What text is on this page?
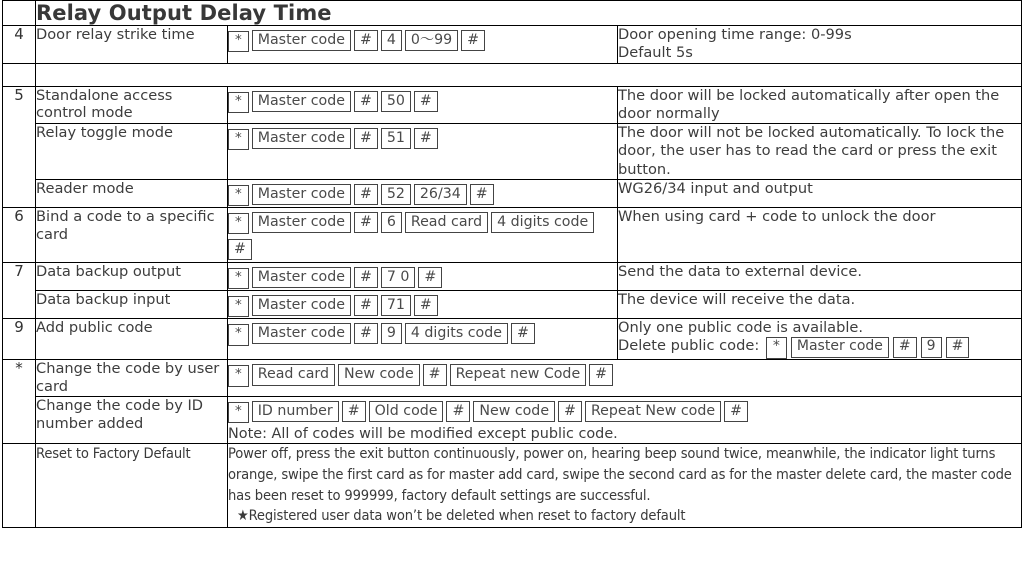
	Relay Output Delay Time		
4	Door relay strike time	* Master code # 4 0～99 #	Door opening time range: 0-99s
Default 5s

5	Standalone access control mode	* Master code # 50 #	The door will be locked automatically after open the door normally
	Relay toggle mode	* Master code # 51 #	The door will not be locked automatically. To lock the door, the user has to read the card or press the exit button.
	Reader mode	* Master code # 52 26/34 #	WG26/34 input and output
6	Bind a code to a specific card	* Master code # 6 Read card 4 digits code#	When using card + code to unlock the door
7	Data backup output	* Master code # 7 0 #	Send the data to external device.
	Data backup input	* Master code # 71 #	The device will receive the data.
9	Add public code	* Master code # 9 4 digits code #	Only one public code is available.
Delete public code: * Master code # 9 #
*	Change the code by user card	* Read card New code # Repeat new Code #	

	Change the code by ID number added	* ID number # Old code # New code # Repeat New code #
Note: All of codes will be modified except public code.	

	Reset to Factory Default	Power off, press the exit button continuously, power on, hearing beep sound twice, meanwhile, the indicator light turns orange, swipe the first card as for master add card, swipe the second card as for the master delete card, the master code has been reset to 999999, factory default settings are successful.
★Registered user data won’t be deleted when reset to factory default	
